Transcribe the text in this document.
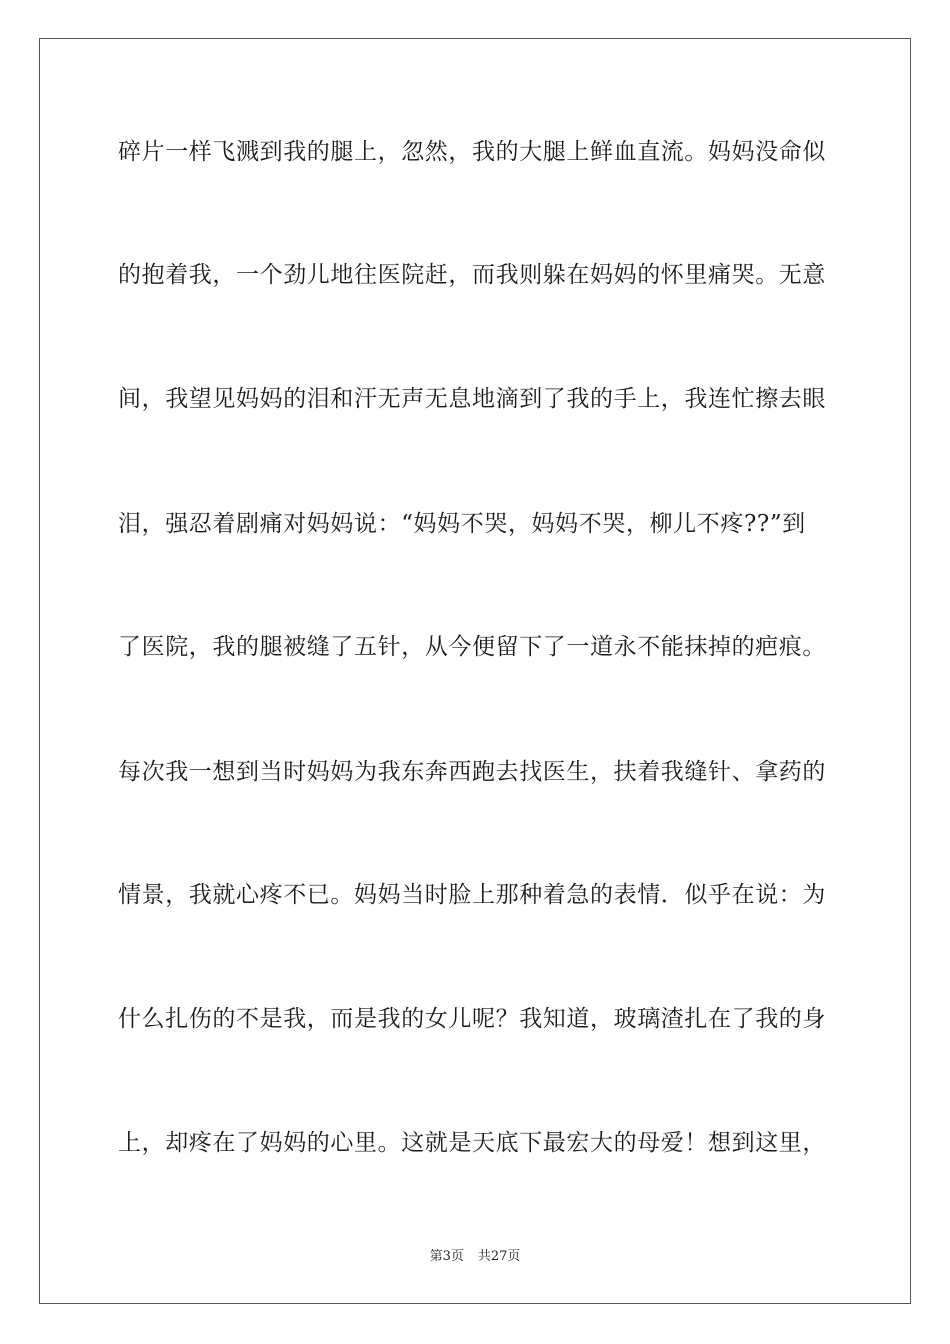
碎片一样飞溅到我的腿上，忽然，我的大腿上鲜血直流。妈妈没命似
的抱着我，一个劲儿地往医院赶，而我则躲在妈妈的怀里痛哭。无意
间，我望见妈妈的泪和汗无声无息地滴到了我的手上，我连忙擦去眼
泪，强忍着剧痛对妈妈说：“妈妈不哭，妈妈不哭，柳儿不疼??”到
了医院，我的腿被缝了五针，从今便留下了一道永不能抹掉的疤痕。
每次我一想到当时妈妈为我东奔西跑去找医生，扶着我缝针、拿药的
情景，我就心疼不已。妈妈当时脸上那种着急的表情．似乎在说：为
什么扎伤的不是我，而是我的女儿呢？我知道，玻璃渣扎在了我的身
上，却疼在了妈妈的心里。这就是天底下最宏大的母爱！想到这里，
第3页 共27页
